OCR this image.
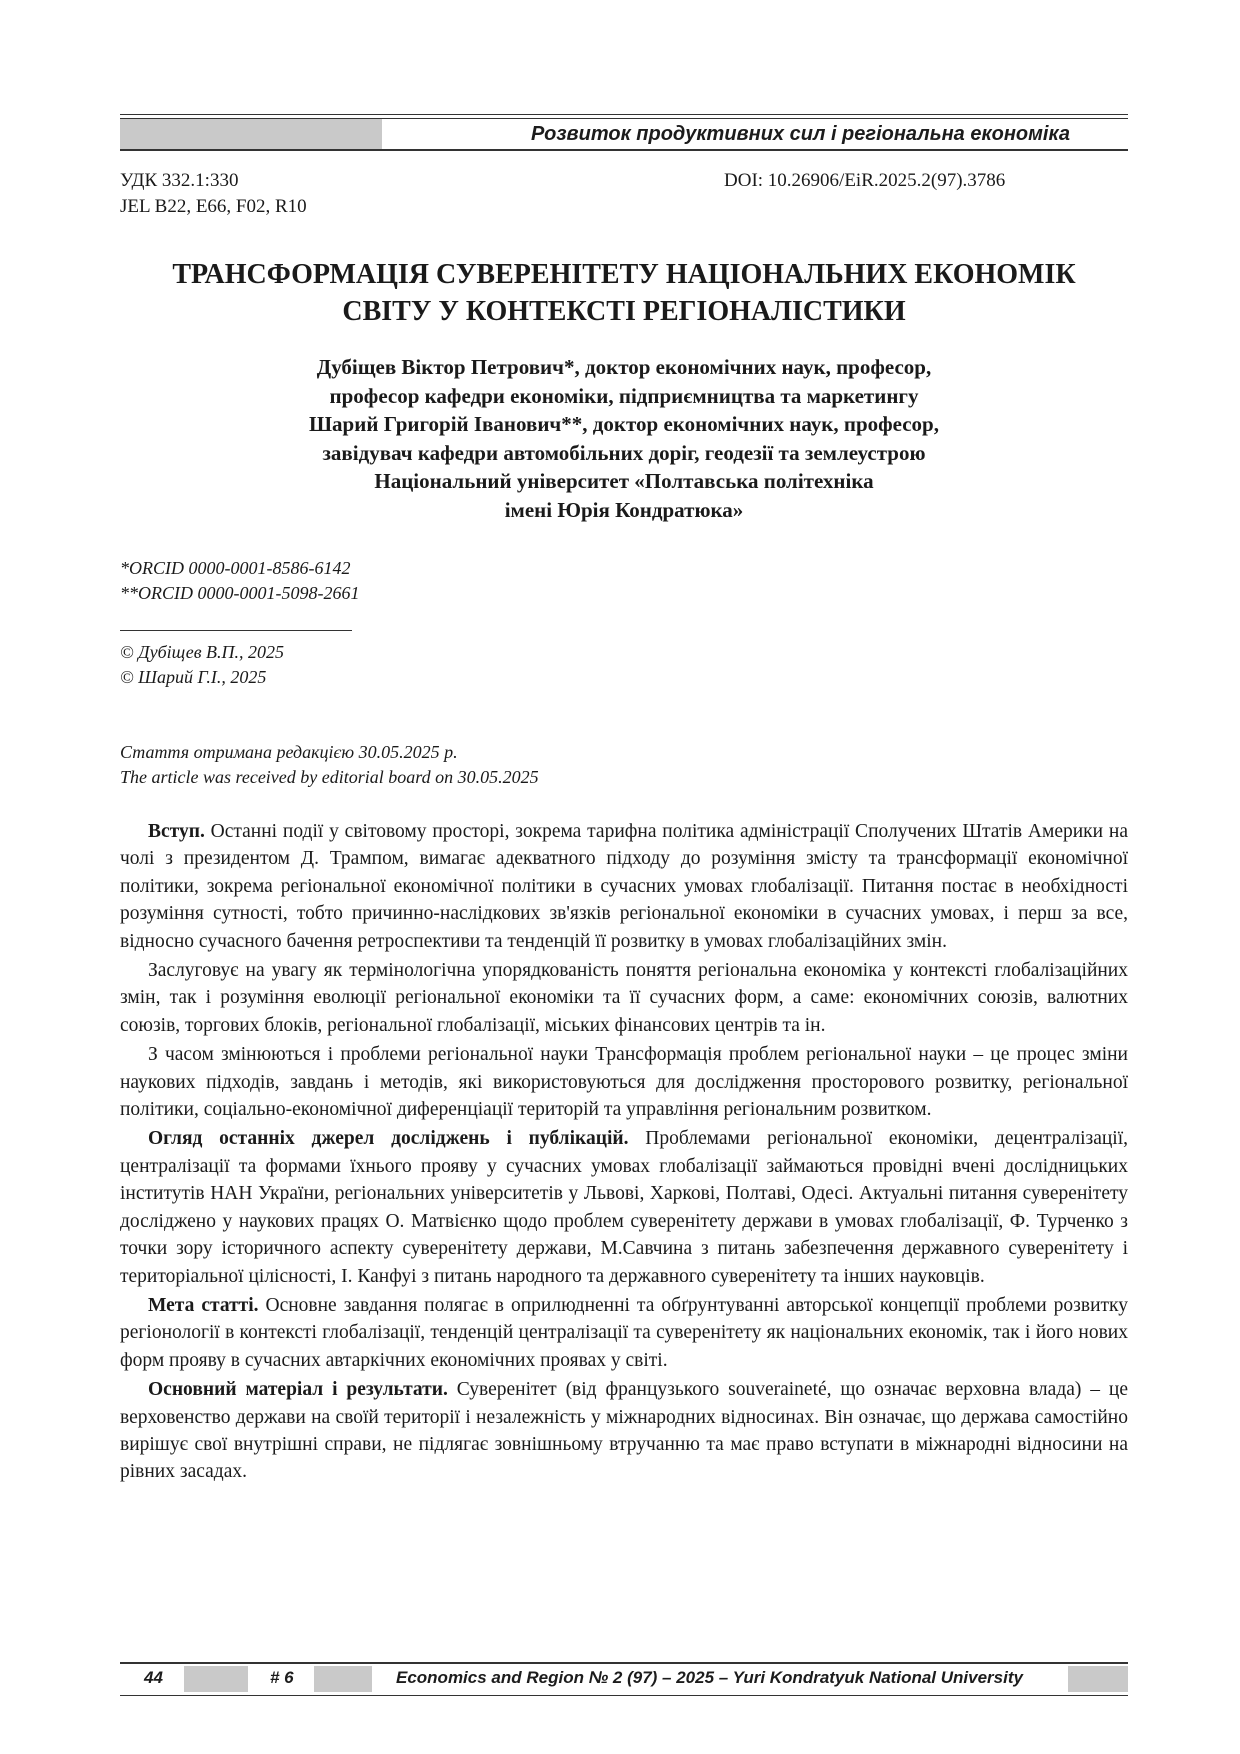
Розвиток продуктивних сил і регіональна економіка
УДК 332.1:330
JEL B22, E66, F02, R10
DOI: 10.26906/EiR.2025.2(97).3786
ТРАНСФОРМАЦІЯ СУВЕРЕНІТЕТУ НАЦІОНАЛЬНИХ ЕКОНОМІК
СВІТУ У КОНТЕКСТІ РЕГІОНАЛІСТИКИ
Дубіщев Віктор Петрович*, доктор економічних наук, професор,
професор кафедри економіки, підприємництва та маркетингу
Шарий Григорій Іванович**, доктор економічних наук, професор,
завідувач кафедри автомобільних доріг, геодезії та землеустрою
Національний університет «Полтавська політехніка
імені Юрія Кондратюка»
*ORCID 0000-0001-8586-6142
**ORCID 0000-0001-5098-2661
© Дубіщев В.П., 2025
© Шарий Г.І., 2025
Стаття отримана редакцією 30.05.2025 р.
The article was received by editorial board on 30.05.2025

Вступ. Останні події у світовому просторі, зокрема тарифна політика адміністрації Сполучених Штатів Америки на чолі з президентом Д. Трампом, вимагає адекватного підходу до розуміння змісту та трансформації економічної політики, зокрема регіональної економічної політики в сучасних умовах глобалізації. Питання постає в необхідності розуміння сутності, тобто причинно-наслідкових зв'язків регіональної економіки в сучасних умовах, і перш за все, відносно сучасного бачення ретроспективи та тенденцій її розвитку в умовах глобалізаційних змін.

Заслуговує на увагу як термінологічна упорядкованість поняття регіональна економіка у контексті глобалізаційних змін, так і розуміння еволюції регіональної економіки та її сучасних форм, а саме: економічних союзів, валютних союзів, торгових блоків, регіональної глобалізації, міських фінансових центрів та ін.

З часом змінюються і проблеми регіональної науки Трансформація проблем регіональної науки – це процес зміни наукових підходів, завдань і методів, які використовуються для дослідження просторового розвитку, регіональної політики, соціально-економічної диференціації територій та управління регіональним розвитком.

Огляд останніх джерел досліджень і публікацій. Проблемами регіональної економіки, децентралізації, централізації та формами їхнього прояву у сучасних умовах глобалізації займаються провідні вчені дослідницьких інститутів НАН України, регіональних університетів у Львові, Харкові, Полтаві, Одесі. Актуальні питання суверенітету досліджено у наукових працях О. Матвієнко щодо проблем суверенітету держави в умовах глобалізації, Ф. Турченко з точки зору історичного аспекту суверенітету держави, М.Савчина з питань забезпечення державного суверенітету і територіальної цілісності, І. Канфуі з питань народного та державного суверенітету та інших науковців.

Мета статті. Основне завдання полягає в оприлюдненні та обґрунтуванні авторської концепції проблеми розвитку регіонології в контексті глобалізації, тенденцій централізації та суверенітету як національних економік, так і його нових форм прояву в сучасних автаркічних економічних проявах у світі.

Основний матеріал і результати. Суверенітет (від французького souveraineté, що означає верховна влада) – це верховенство держави на своїй території і незалежність у міжнародних відносинах. Він означає, що держава самостійно вирішує свої внутрішні справи, не підлягає зовнішньому втручанню та має право вступати в міжнародні відносини на рівних засадах.

44	# 6	Economics and Region № 2 (97) – 2025 – Yuri Kondratyuk National University
